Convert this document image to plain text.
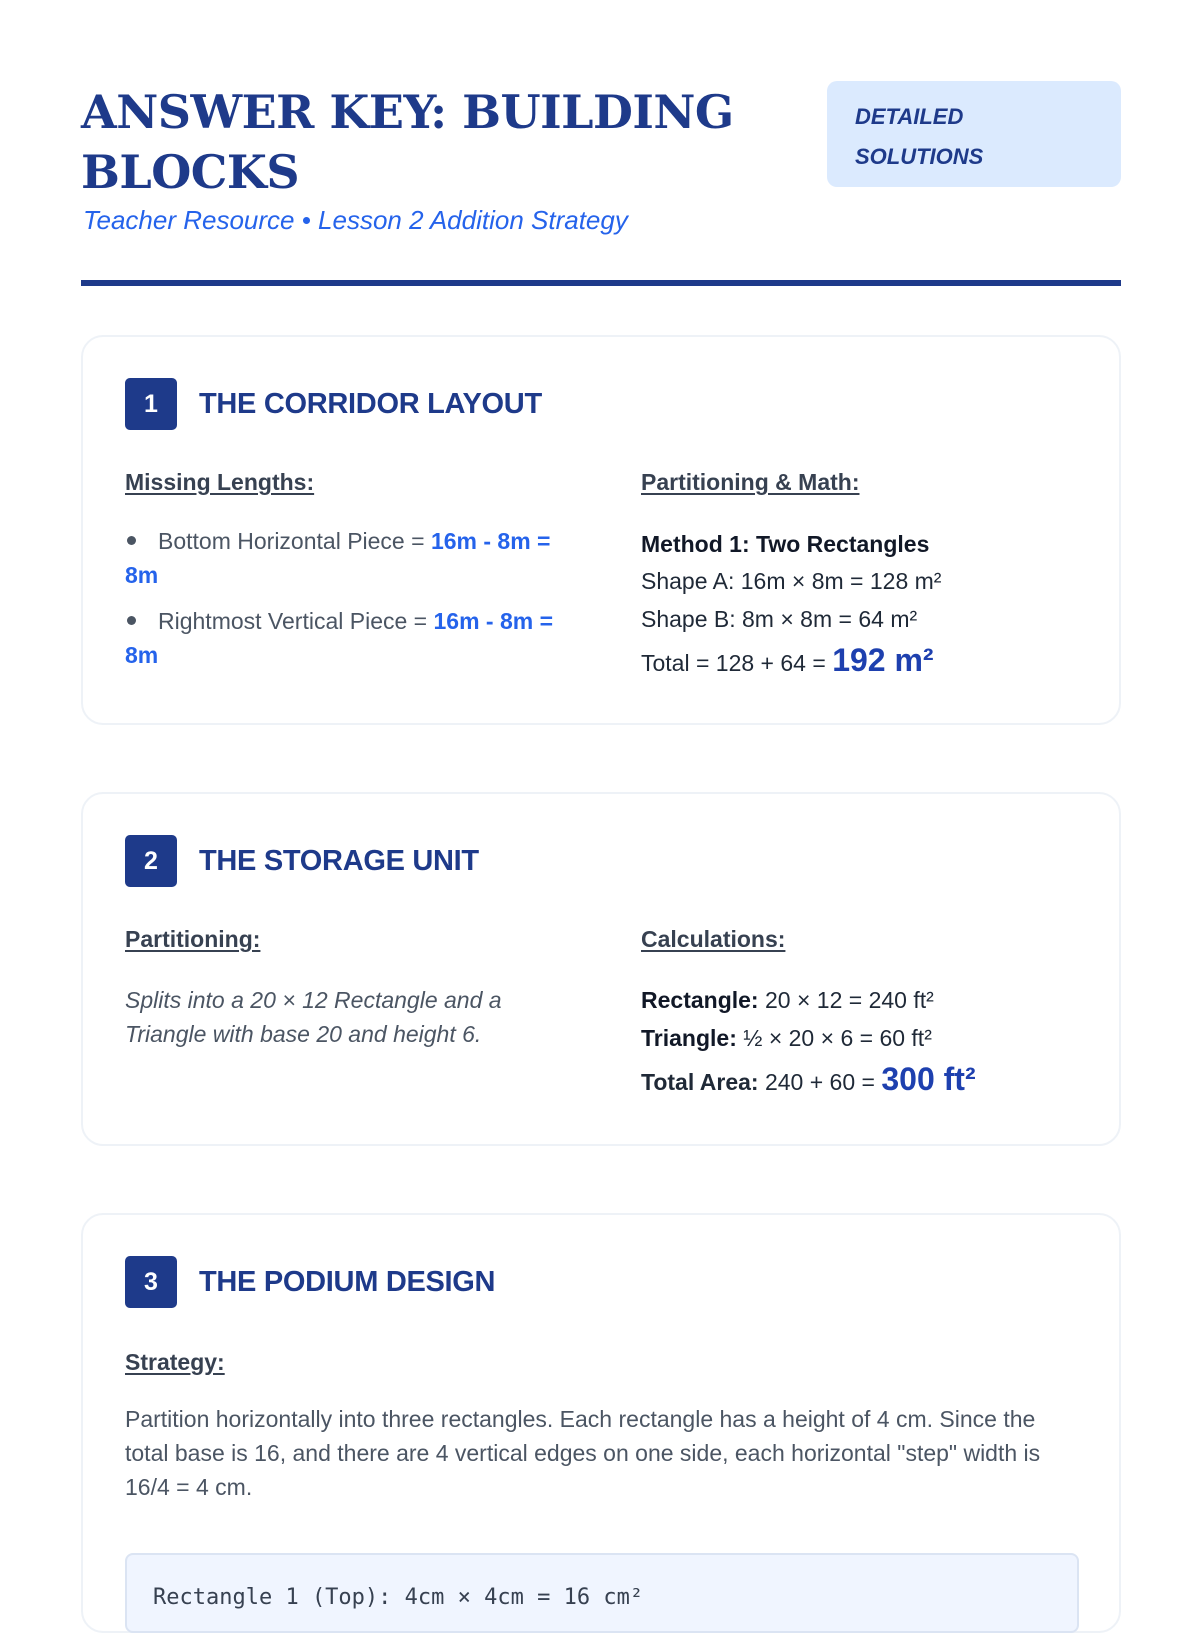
ANSWER KEY: BUILDING BLOCKS
Teacher Resource • Lesson 2 Addition Strategy
DETAILED SOLUTIONS
1	THE CORRIDOR LAYOUT
Missing Lengths:
Bottom Horizontal Piece = 16m - 8m = 8m
Rightmost Vertical Piece = 16m - 8m = 8m
Partitioning & Math:
Method 1: Two Rectangles
Shape A: 16m × 8m = 128 m²
Shape B: 8m × 8m = 64 m²
Total = 128 + 64 = 192 m²
2	THE STORAGE UNIT
Partitioning:
Splits into a 20 × 12 Rectangle and a Triangle with base 20 and height 6.
Calculations:
Rectangle: 20 × 12 = 240 ft²
Triangle: ½ × 20 × 6 = 60 ft²
Total Area: 240 + 60 = 300 ft²
3	THE PODIUM DESIGN
Strategy:
Partition horizontally into three rectangles. Each rectangle has a height of 4 cm. Since the total base is 16, and there are 4 vertical edges on one side, each horizontal "step" width is 16/4 = 4 cm.
Rectangle 1 (Top): 4cm × 4cm = 16 cm²
